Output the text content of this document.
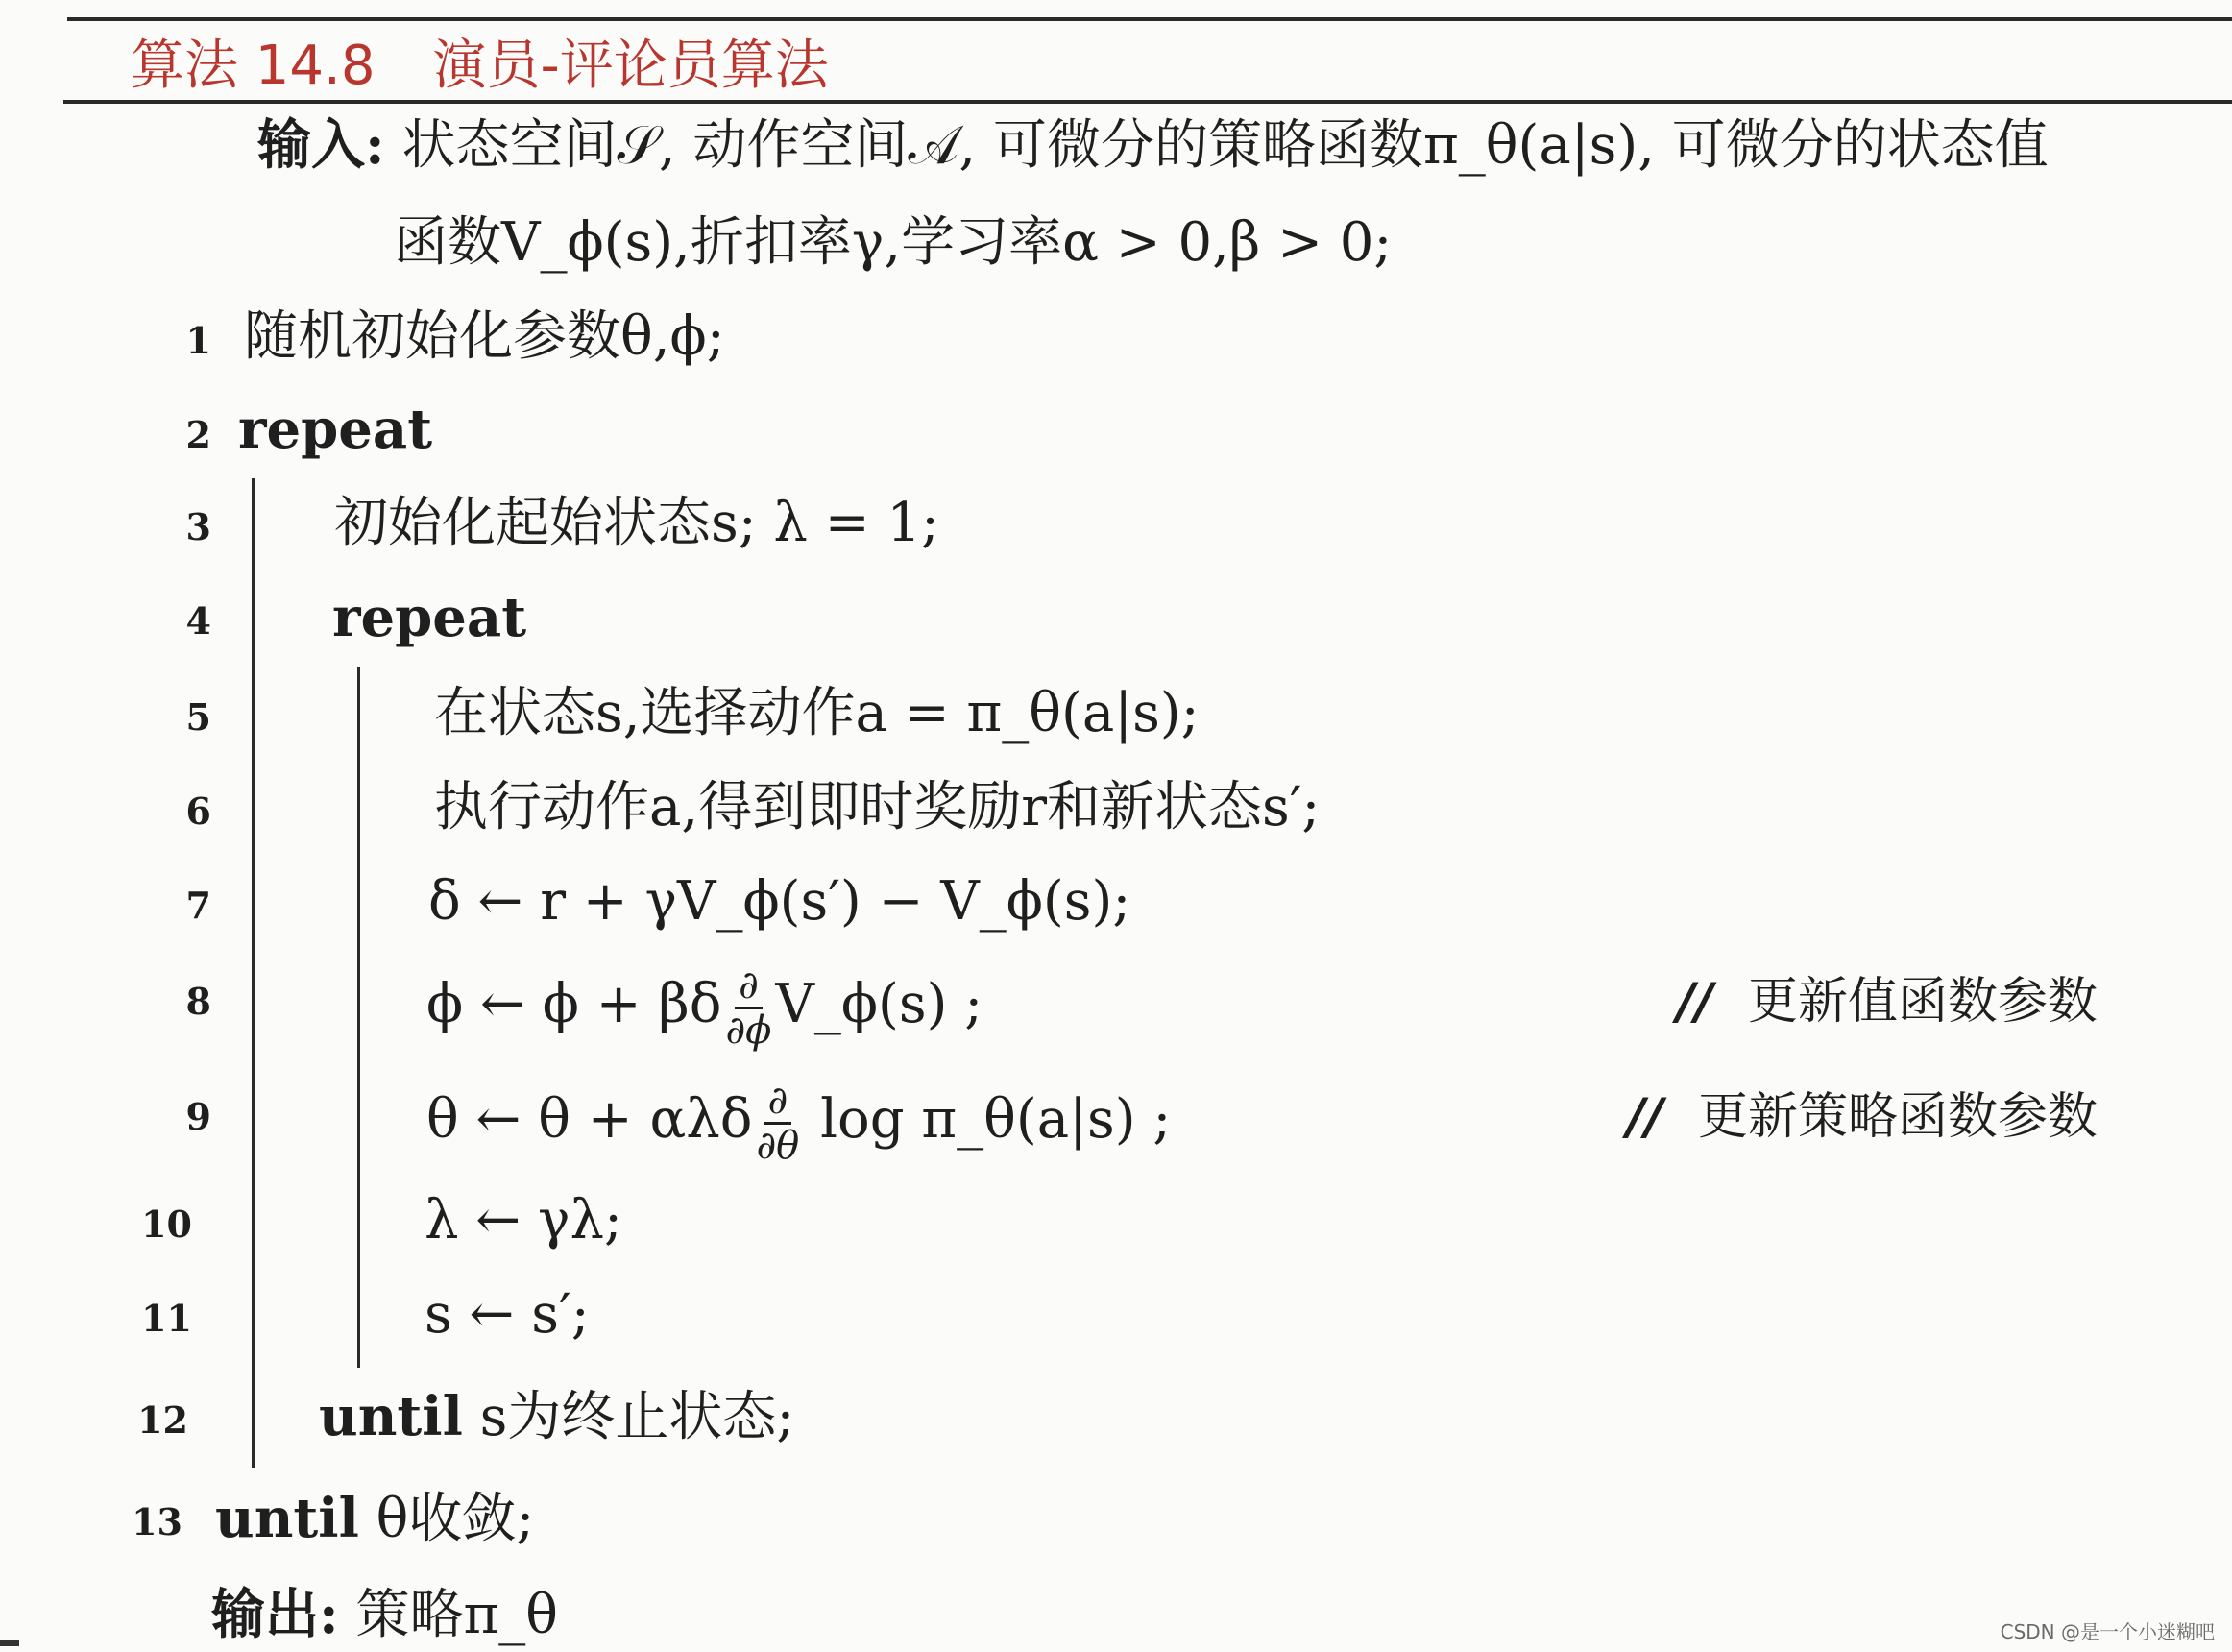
算法 14.8 演员-评论员算法
输入: 状态空间𝒮, 动作空间𝒜, 可微分的策略函数π_θ(a|s), 可微分的状态值
函数V_ϕ(s),折扣率γ,学习率α > 0,β > 0;
1 随机初始化参数θ,ϕ;
2 repeat
3 初始化起始状态s; λ = 1;
4 repeat
5	在状态s,选择动作a = π_θ(a|s);
6	执行动作a,得到即时奖励r和新状态s′;
7	δ ← r + γV_ϕ(s′) − V_ϕ(s);
8	ϕ ← ϕ + βδ $\frac{\partial}{\partial\phi}$ V_ϕ(s) ;	// 更新值函数参数
9	θ ← θ + αλδ $\frac{\partial}{\partial\theta}$ log π_θ(a|s) ;	// 更新策略函数参数
10	λ ← γλ;
11	s ← s′;
12 until s为终止状态;
13 until θ收敛;
输出: 策略π_θ	CSDN @是一个小迷糊吧
